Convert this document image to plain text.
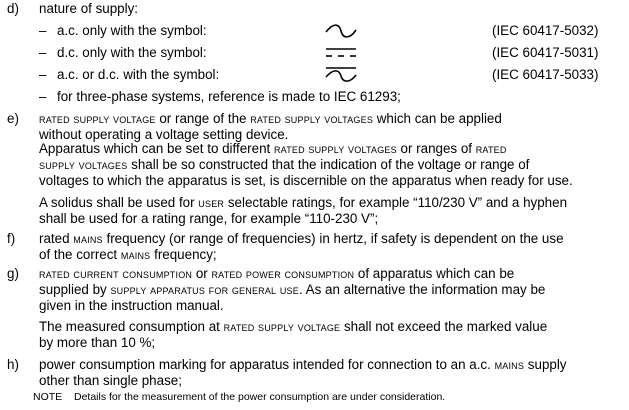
d) nature of supply:
– a.c. only with the symbol:	(IEC 60417-5032)
– d.c. only with the symbol:	(IEC 60417-5031)
– a.c. or d.c. with the symbol:	(IEC 60417-5033)
– for three-phase systems, reference is made to IEC 61293;
e) rated supply voltage or range of the rated supply voltages which can be applied
without operating a voltage setting device.
Apparatus which can be set to different rated supply voltages or ranges of rated
supply voltages shall be so constructed that the indication of the voltage or range of
voltages to which the apparatus is set, is discernible on the apparatus when ready for use.
A solidus shall be used for user selectable ratings, for example “110/230 V” and a hyphen
shall be used for a rating range, for example “110-230 V”;
f) rated mains frequency (or range of frequencies) in hertz, if safety is dependent on the use
of the correct mains frequency;
g) rated current consumption or rated power consumption of apparatus which can be
supplied by supply apparatus for general use. As an alternative the information may be
given in the instruction manual.
The measured consumption at rated supply voltage shall not exceed the marked value
by more than 10 %;
h) power consumption marking for apparatus intended for connection to an a.c. mains supply
other than single phase;
NOTE Details for the measurement of the power consumption are under consideration.
